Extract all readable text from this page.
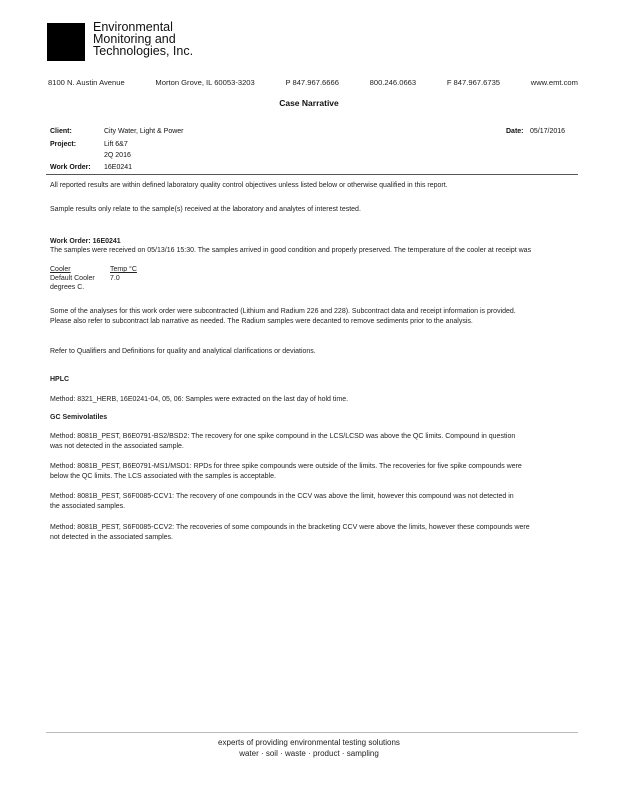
Environmental
Monitoring and
Technologies, Inc.
8100 N. Austin Avenue	Morton Grove, IL 60053-3203	P 847.967.6666	800.246.0663	F 847.967.6735	www.emt.com
Case Narrative
Client:	City Water, Light & Power	Date: 05/17/2016
Project:	Lift 6&7
2Q 2016
Work Order: 16E0241
All reported results are within defined laboratory quality control objectives unless listed below or otherwise qualified in this report.
Sample results only relate to the sample(s) received at the laboratory and analytes of interest tested.
Work Order: 16E0241
The samples were received on 05/13/16 15:30. The samples arrived in good condition and properly preserved. The temperature of the cooler at receipt was
Cooler	Temp °C
Default Cooler 7.0
degrees C.
Some of the analyses for this work order were subcontracted (Lithium and Radium 226 and 228). Subcontract data and receipt information is provided. Please also refer to subcontract lab narrative as needed. The Radium samples were decanted to remove sediments prior to the analysis.
Refer to Qualifiers and Definitions for quality and analytical clarifications or deviations.
HPLC
Method: 8321_HERB, 16E0241-04, 05, 06: Samples were extracted on the last day of hold time.
GC Semivolatiles
Method: 8081B_PEST, B6E0791-BS2/BSD2: The recovery for one spike compound in the LCS/LCSD was above the QC limits. Compound in question was not detected in the associated sample.
Method: 8081B_PEST, B6E0791-MS1/MSD1: RPDs for three spike compounds were outside of the limits. The recoveries for five spike compounds were below the QC limits. The LCS associated with the samples is acceptable.
Method: 8081B_PEST, S6F0085-CCV1: The recovery of one compounds in the CCV was above the limit, however this compound was not detected in the associated samples.
Method: 8081B_PEST, S6F0085-CCV2: The recoveries of some compounds in the bracketing CCV were above the limits, however these compounds were not detected in the associated samples.
experts of providing environmental testing solutions
water · soil · waste · product · sampling
